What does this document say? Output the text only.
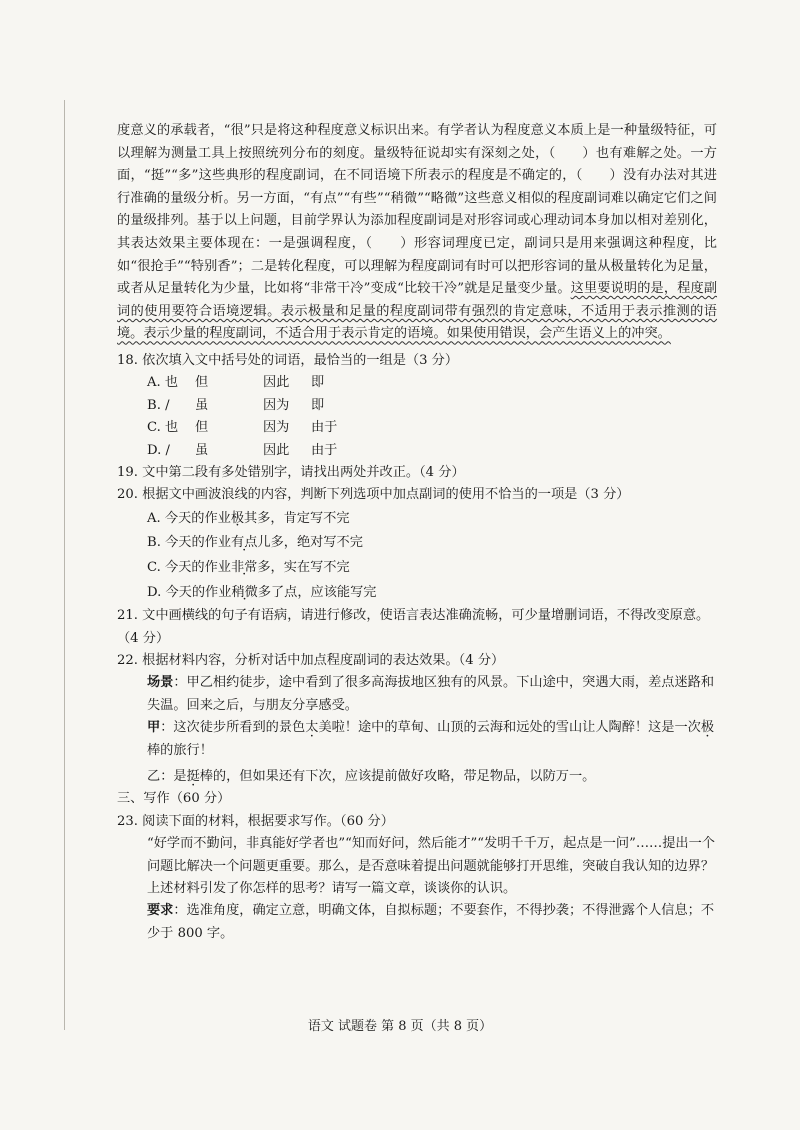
度意义的承载者，“很”只是将这种程度意义标识出来。有学者认为程度意义本质上是一种量级特征，可以理解为测量工具上按照统列分布的刻度。量级特征说却实有深刻之处，（　　）也有难解之处。一方面，“挺”“多”这些典形的程度副词，在不同语境下所表示的程度是不确定的，（　　）没有办法对其进行准确的量级分析。另一方面，“有点”“有些”“稍微”“略微”这些意义相似的程度副词难以确定它们之间的量级排列。基于以上问题，目前学界认为添加程度副词是对形容词或心理动词本身加以相对差别化，其表达效果主要体现在：一是强调程度，（　　）形容词理度已定，副词只是用来强调这种程度，比如“很抢手”“特别香”；二是转化程度，可以理解为程度副词有时可以把形容词的量从极量转化为足量，或者从足量转化为少量，比如将“非常干冷”变成“比较干冷”就是足量变少量。这里要说明的是，程度副词的使用要符合语境逻辑。表示极量和足量的程度副词带有强烈的肯定意味，不适用于表示推测的语境。表示少量的程度副词，不适合用于表示肯定的语境。如果使用错误，会产生语义上的冲突。

18. 依次填入文中括号处的词语，最恰当的一组是（3 分）

A. 也	但	因此	即
B. /	虽	因为	即
C. 也	但	因为	由于
D. /	虽	因此	由于

19. 文中第二段有多处错别字，请找出两处并改正。（4 分）

20. 根据文中画波浪线的内容，判断下列选项中加点副词的使用不恰当的一项是（3 分）

A. 今天的作业极其多，肯定写不完

B. 今天的作业有点儿多，绝对写不完

C. 今天的作业非常多，实在写不完

D. 今天的作业稍微多了点，应该能写完

21. 文中画横线的句子有语病，请进行修改，使语言表达准确流畅，可少量增删词语，不得改变原意。（4 分）

22. 根据材料内容，分析对话中加点程度副词的表达效果。（4 分）

场景：甲乙相约徒步，途中看到了很多高海拔地区独有的风景。下山途中，突遇大雨，差点迷路和失温。回来之后，与朋友分享感受。

甲：这次徒步所看到的景色太美啦！途中的草甸、山顶的云海和远处的雪山让人陶醉！这是一次极棒的旅行！

乙：是挺棒的，但如果还有下次，应该提前做好攻略，带足物品，以防万一。

三、写作（60 分）

23. 阅读下面的材料，根据要求写作。（60 分）

“好学而不勤问，非真能好学者也”“知而好问，然后能才”“发明千千万，起点是一问”……提出一个问题比解决一个问题更重要。那么，是否意味着提出问题就能够打开思维，突破自我认知的边界？

上述材料引发了你怎样的思考？请写一篇文章，谈谈你的认识。

要求：选准角度，确定立意，明确文体，自拟标题；不要套作，不得抄袭；不得泄露个人信息；不少于 800 字。

语文 试题卷 第 8 页（共 8 页）
